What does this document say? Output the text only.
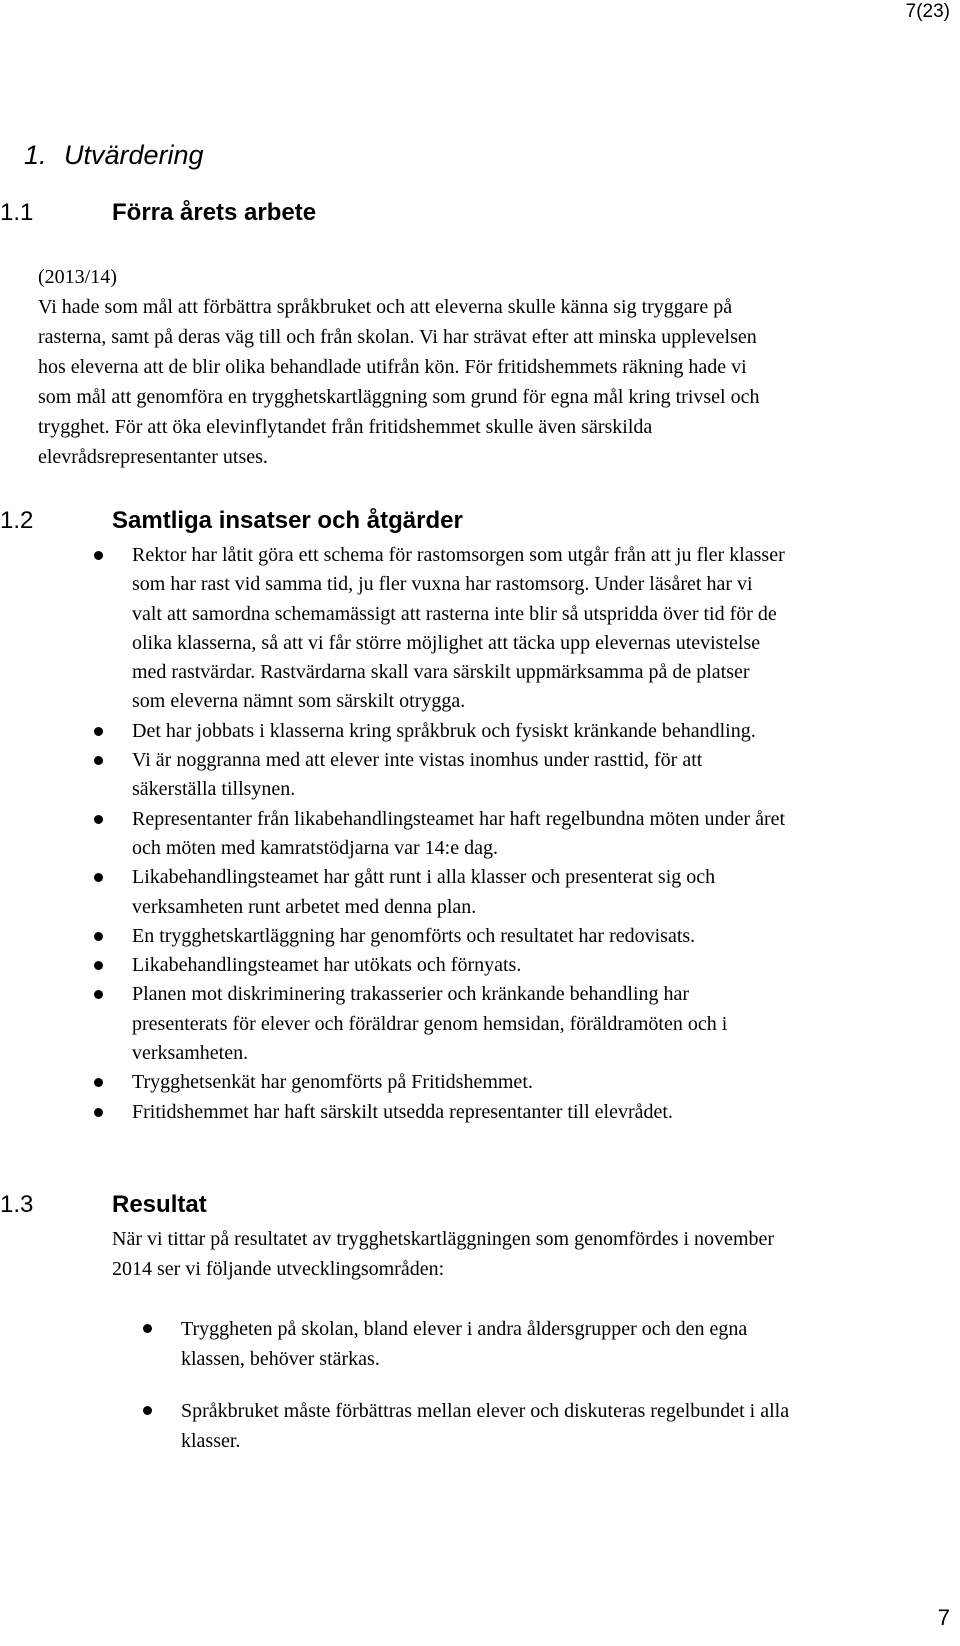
7(23)
1. Utvärdering
1.1	Förra årets arbete

(2013/14)

Vi hade som mål att förbättra språkbruket och att eleverna skulle känna sig tryggare på
rasterna, samt på deras väg till och från skolan. Vi har strävat efter att minska upplevelsen
hos eleverna att de blir olika behandlade utifrån kön. För fritidshemmets räkning hade vi
som mål att genomföra en trygghetskartläggning som grund för egna mål kring trivsel och
trygghet. För att öka elevinflytandet från fritidshemmet skulle även särskilda
elevrådsrepresentanter utses.
1.2	Samtliga insatser och åtgärder
Rektor har låtit göra ett schema för rastomsorgen som utgår från att ju fler klasser
som har rast vid samma tid, ju fler vuxna har rastomsorg. Under läsåret har vi
valt att samordna schemamässigt att rasterna inte blir så utspridda över tid för de
olika klasserna, så att vi får större möjlighet att täcka upp elevernas utevistelse
med rastvärdar. Rastvärdarna skall vara särskilt uppmärksamma på de platser
som eleverna nämnt som särskilt otrygga.
Det har jobbats i klasserna kring språkbruk och fysiskt kränkande behandling.
Vi är noggranna med att elever inte vistas inomhus under rasttid, för att
säkerställa tillsynen.
Representanter från likabehandlingsteamet har haft regelbundna möten under året
och möten med kamratstödjarna var 14:e dag.
Likabehandlingsteamet har gått runt i alla klasser och presenterat sig och
verksamheten runt arbetet med denna plan.
En trygghetskartläggning har genomförts och resultatet har redovisats.
Likabehandlingsteamet har utökats och förnyats.
Planen mot diskriminering trakasserier och kränkande behandling har
presenterats för elever och föräldrar genom hemsidan, föräldramöten och i
verksamheten.
Trygghetsenkät har genomförts på Fritidshemmet.
Fritidshemmet har haft särskilt utsedda representanter till elevrådet.
1.3	Resultat
När vi tittar på resultatet av trygghetskartläggningen som genomfördes i november
2014 ser vi följande utvecklingsområden:
Tryggheten på skolan, bland elever i andra åldersgrupper och den egna
klassen, behöver stärkas.
Språkbruket måste förbättras mellan elever och diskuteras regelbundet i alla
klasser.
7
